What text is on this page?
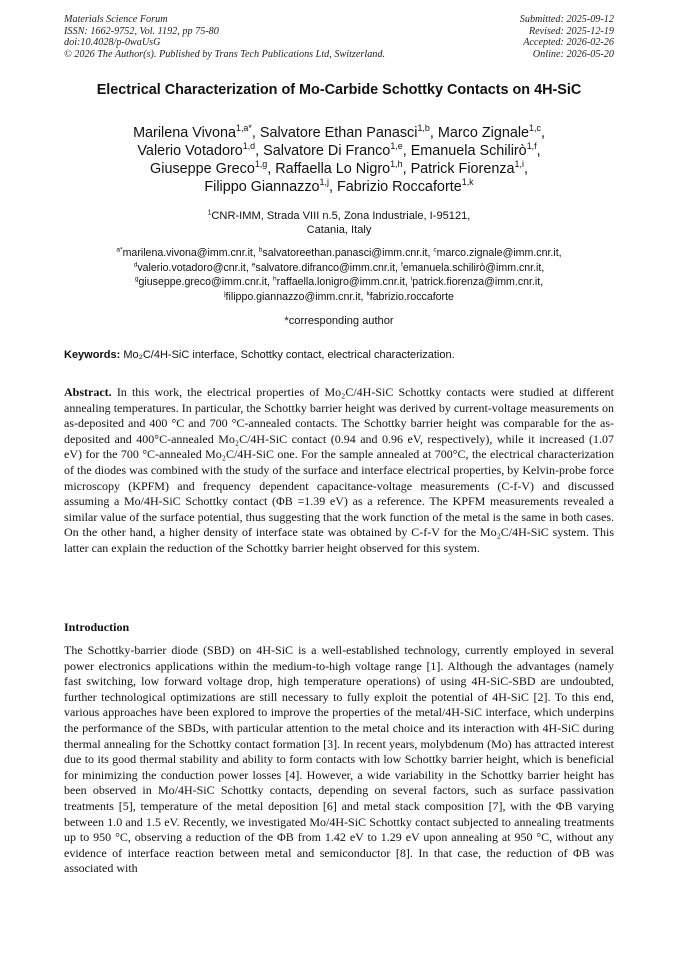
Materials Science Forum
ISSN: 1662-9752, Vol. 1192, pp 75-80
doi:10.4028/p-0waUsG
© 2026 The Author(s). Published by Trans Tech Publications Ltd, Switzerland.
Submitted: 2025-09-12
Revised: 2025-12-19
Accepted: 2026-02-26
Online: 2026-05-20
Electrical Characterization of Mo-Carbide Schottky Contacts on 4H-SiC
Marilena Vivona$^{1,a*}$, Salvatore Ethan Panasci$^{1,b}$, Marco Zignale$^{1,c}$,
Valerio Votadoro$^{1,d}$, Salvatore Di Franco$^{1,e}$, Emanuela Schilirò$^{1,f}$,
Giuseppe Greco$^{1,g}$, Raffaella Lo Nigro$^{1,h}$, Patrick Fiorenza$^{1,i}$,
Filippo Giannazzo$^{1,j}$, Fabrizio Roccaforte$^{1,k}$
$^1$CNR-IMM, Strada VIII n.5, Zona Industriale, I-95121,
Catania, Italy
$^{a*}$marilena.vivona@imm.cnr.it, $^b$salvatoreethan.panasci@imm.cnr.it, $^c$marco.zignale@imm.cnr.it,
$^d$valerio.votadoro@cnr.it, $^e$salvatore.difranco@imm.cnr.it, $^f$emanuela.schilirò@imm.cnr.it,
$^g$giuseppe.greco@imm.cnr.it, $^h$raffaella.lonigro@imm.cnr.it, $^i$patrick.fiorenza@imm.cnr.it,
$^j$filippo.giannazzo@imm.cnr.it, $^k$fabrizio.roccaforte
*corresponding author
Keywords: Mo₂C/4H-SiC interface, Schottky contact, electrical characterization.

Abstract. In this work, the electrical properties of Mo₂C/4H-SiC Schottky contacts were studied at different annealing temperatures. In particular, the Schottky barrier height was derived by current-voltage measurements on as-deposited and 400 °C and 700 °C-annealed contacts. The Schottky barrier height was comparable for the as-deposited and 400°C-annealed Mo₂C/4H-SiC contact (0.94 and 0.96 eV, respectively), while it increased (1.07 eV) for the 700 °C-annealed Mo₂C/4H-SiC one. For the sample annealed at 700°C, the electrical characterization of the diodes was combined with the study of the surface and interface electrical properties, by Kelvin-probe force microscopy (KPFM) and frequency dependent capacitance-voltage measurements (C-f-V) and discussed assuming a Mo/4H-SiC Schottky contact (ΦB =1.39 eV) as a reference. The KPFM measurements revealed a similar value of the surface potential, thus suggesting that the work function of the metal is the same in both cases. On the other hand, a higher density of interface state was obtained by C-f-V for the Mo₂C/4H-SiC system. This latter can explain the reduction of the Schottky barrier height observed for this system.

Introduction

The Schottky-barrier diode (SBD) on 4H-SiC is a well-established technology, currently employed in several power electronics applications within the medium-to-high voltage range [1]. Although the advantages (namely fast switching, low forward voltage drop, high temperature operations) of using 4H-SiC-SBD are undoubted, further technological optimizations are still necessary to fully exploit the potential of 4H-SiC [2]. To this end, various approaches have been explored to improve the properties of the metal/4H-SiC interface, which underpins the performance of the SBDs, with particular attention to the metal choice and its interaction with 4H-SiC during thermal annealing for the Schottky contact formation [3]. In recent years, molybdenum (Mo) has attracted interest due to its good thermal stability and ability to form contacts with low Schottky barrier height, which is beneficial for minimizing the conduction power losses [4]. However, a wide variability in the Schottky barrier height has been observed in Mo/4H-SiC Schottky contacts, depending on several factors, such as surface passivation treatments [5], temperature of the metal deposition [6] and metal stack composition [7], with the ΦB varying between 1.0 and 1.5 eV. Recently, we investigated Mo/4H-SiC Schottky contact subjected to annealing treatments up to 950 °C, observing a reduction of the ΦB from 1.42 eV to 1.29 eV upon annealing at 950 °C, without any evidence of interface reaction between metal and semiconductor [8]. In that case, the reduction of ΦB was associated with
